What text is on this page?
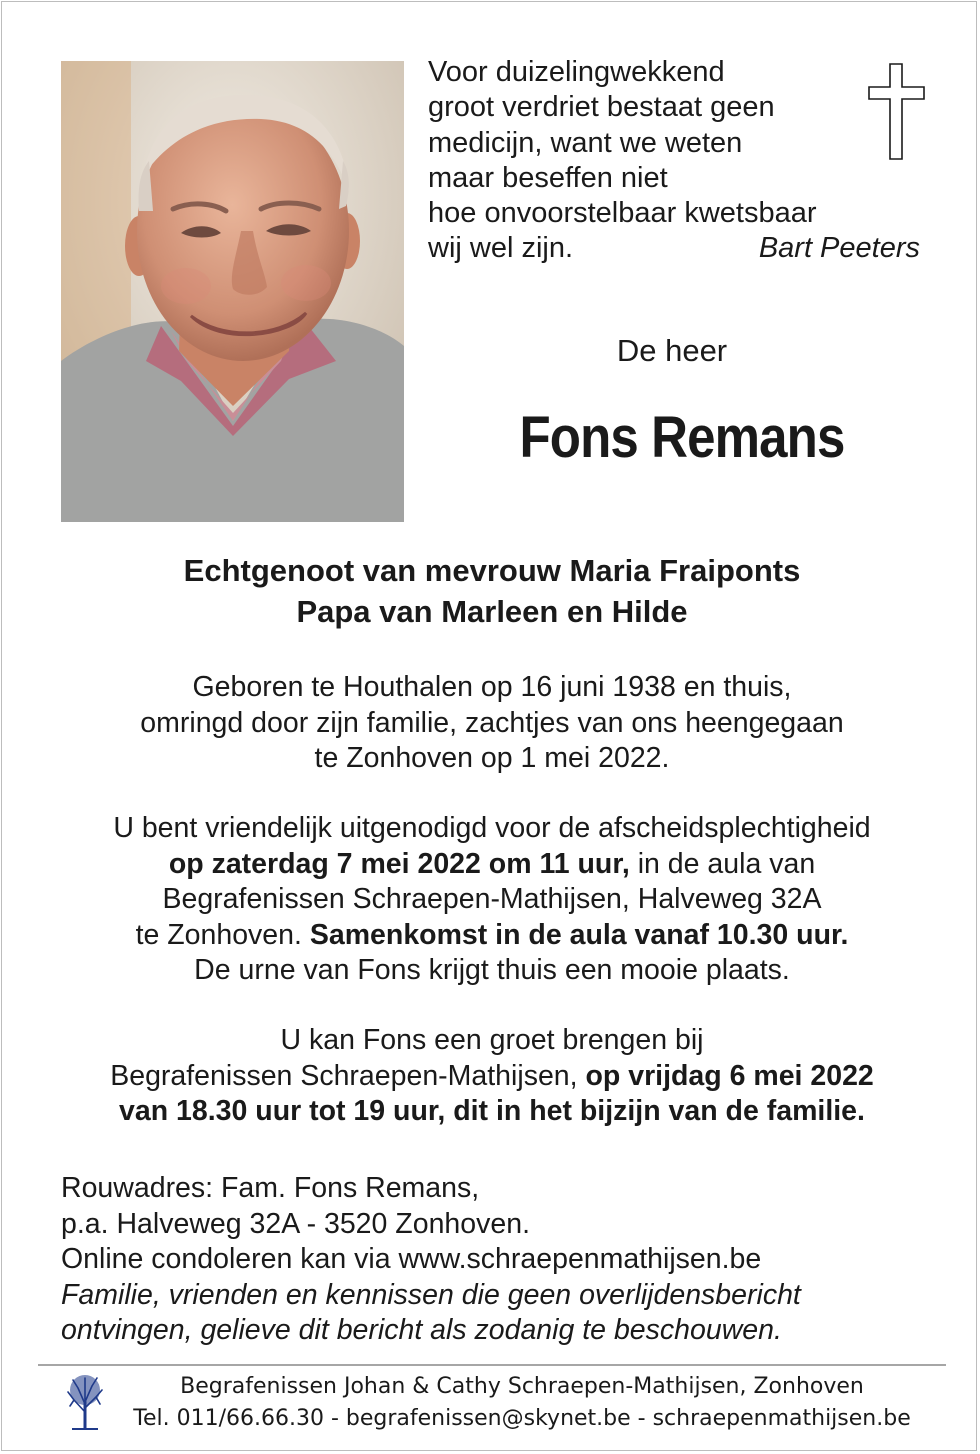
Voor duizelingwekkend
groot verdriet bestaat geen
medicijn, want we weten
maar beseffen niet
hoe onvoorstelbaar kwetsbaar
wij wel zijn.	Bart Peeters
De heer
Fons Remans
Echtgenoot van mevrouw Maria Fraiponts
Papa van Marleen en Hilde
Geboren te Houthalen op 16 juni 1938 en thuis,
omringd door zijn familie, zachtjes van ons heengegaan
te Zonhoven op 1 mei 2022.
U bent vriendelijk uitgenodigd voor de afscheidsplechtigheid
op zaterdag 7 mei 2022 om 11 uur, in de aula van
Begrafenissen Schraepen-Mathijsen, Halveweg 32A
te Zonhoven. Samenkomst in de aula vanaf 10.30 uur.
De urne van Fons krijgt thuis een mooie plaats.
U kan Fons een groet brengen bij
Begrafenissen Schraepen-Mathijsen, op vrijdag 6 mei 2022
van 18.30 uur tot 19 uur, dit in het bijzijn van de familie.
Rouwadres: Fam. Fons Remans,
p.a. Halveweg 32A - 3520 Zonhoven.
Online condoleren kan via www.schraepenmathijsen.be
Familie, vrienden en kennissen die geen overlijdensbericht
ontvingen, gelieve dit bericht als zodanig te beschouwen.
Begrafenissen Johan & Cathy Schraepen-Mathijsen, Zonhoven
Tel. 011/66.66.30 - begrafenissen@skynet.be - schraepenmathijsen.be
